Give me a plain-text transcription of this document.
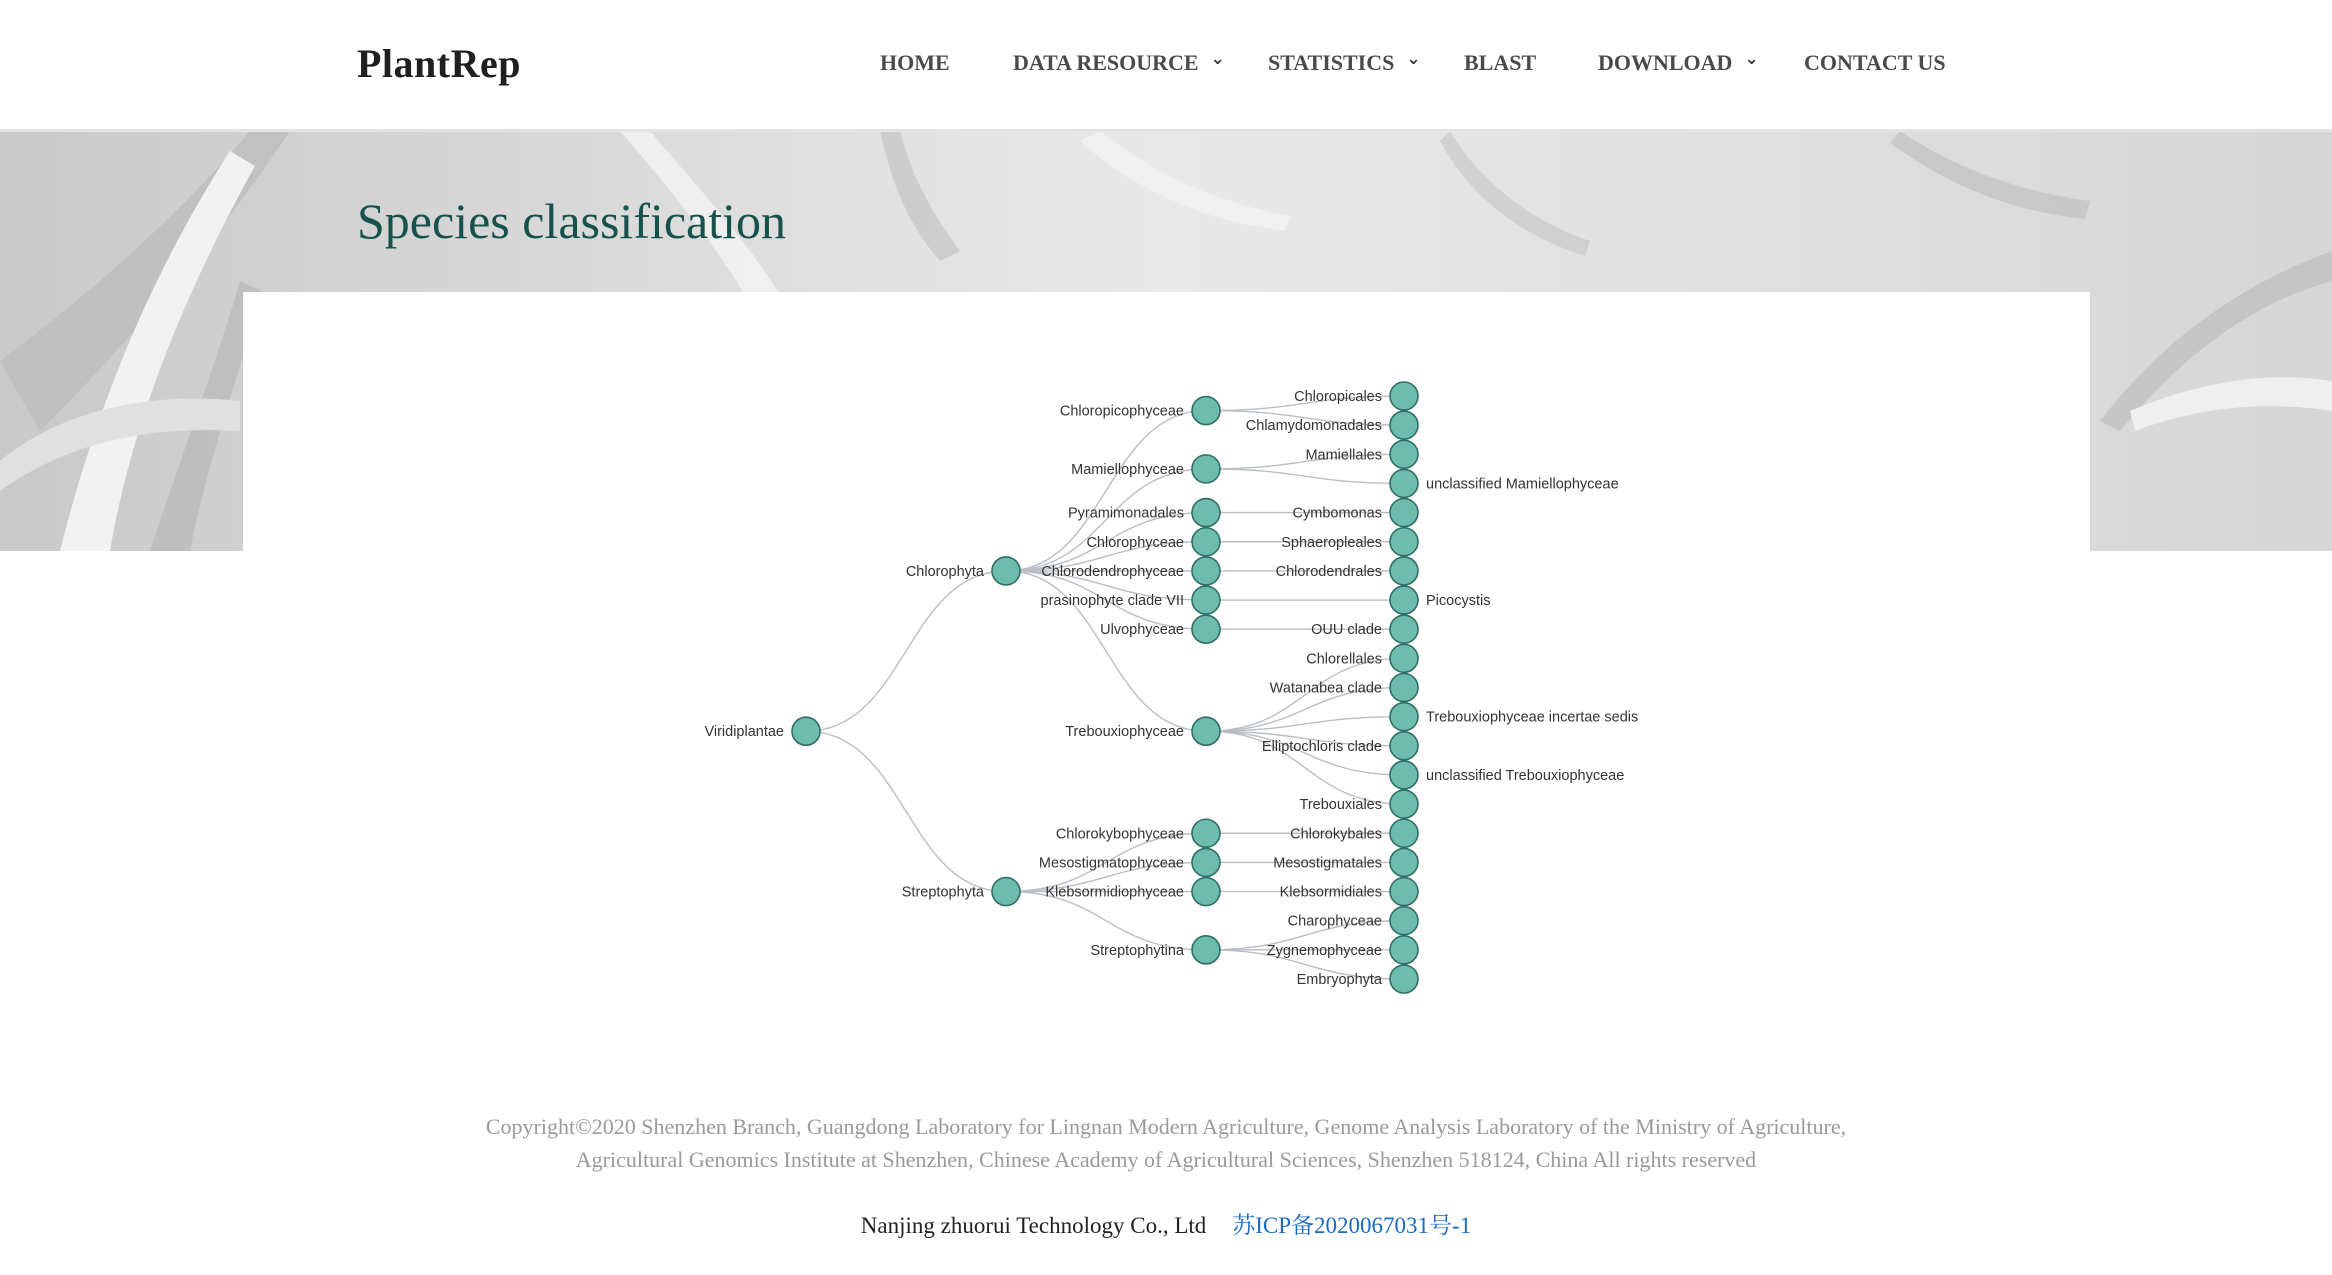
PlantRep	HOME	DATA RESOURCE ⌄ STATISTICS ⌄ BLAST	DOWNLOAD ⌄ CONTACT US
Species classification
Chloropicales
Chlamydomonadales
Chloropicophyceae
Mamiellales
unclassified Mamiellophyceae
Mamiellophyceae
Cymbomonas
Pyramimonadales
Sphaeropleales
Chlorophyceae
Chlorodendrales
Chlorodendrophyceae
Picocystis
prasinophyte clade VII
OUU clade
Ulvophyceae
Chlorellales
Watanabea clade
Trebouxiophyceae incertae sedis
Elliptochloris clade
unclassified Trebouxiophyceae
Trebouxiales
Trebouxiophyceae
Chlorophyta
Chlorokybales
Chlorokybophyceae
Mesostigmatales
Mesostigmatophyceae
Klebsormidiales
Klebsormidiophyceae
Charophyceae
Zygnemophyceae
Embryophyta
Streptophytina
Streptophyta
Viridiplantae
Copyright©2020 Shenzhen Branch, Guangdong Laboratory for Lingnan Modern Agriculture, Genome Analysis Laboratory of the Ministry of Agriculture,
Agricultural Genomics Institute at Shenzhen, Chinese Academy of Agricultural Sciences, Shenzhen 518124, China All rights reserved
Nanjing zhuorui Technology Co., Ltd 苏ICP备2020067031号-1
